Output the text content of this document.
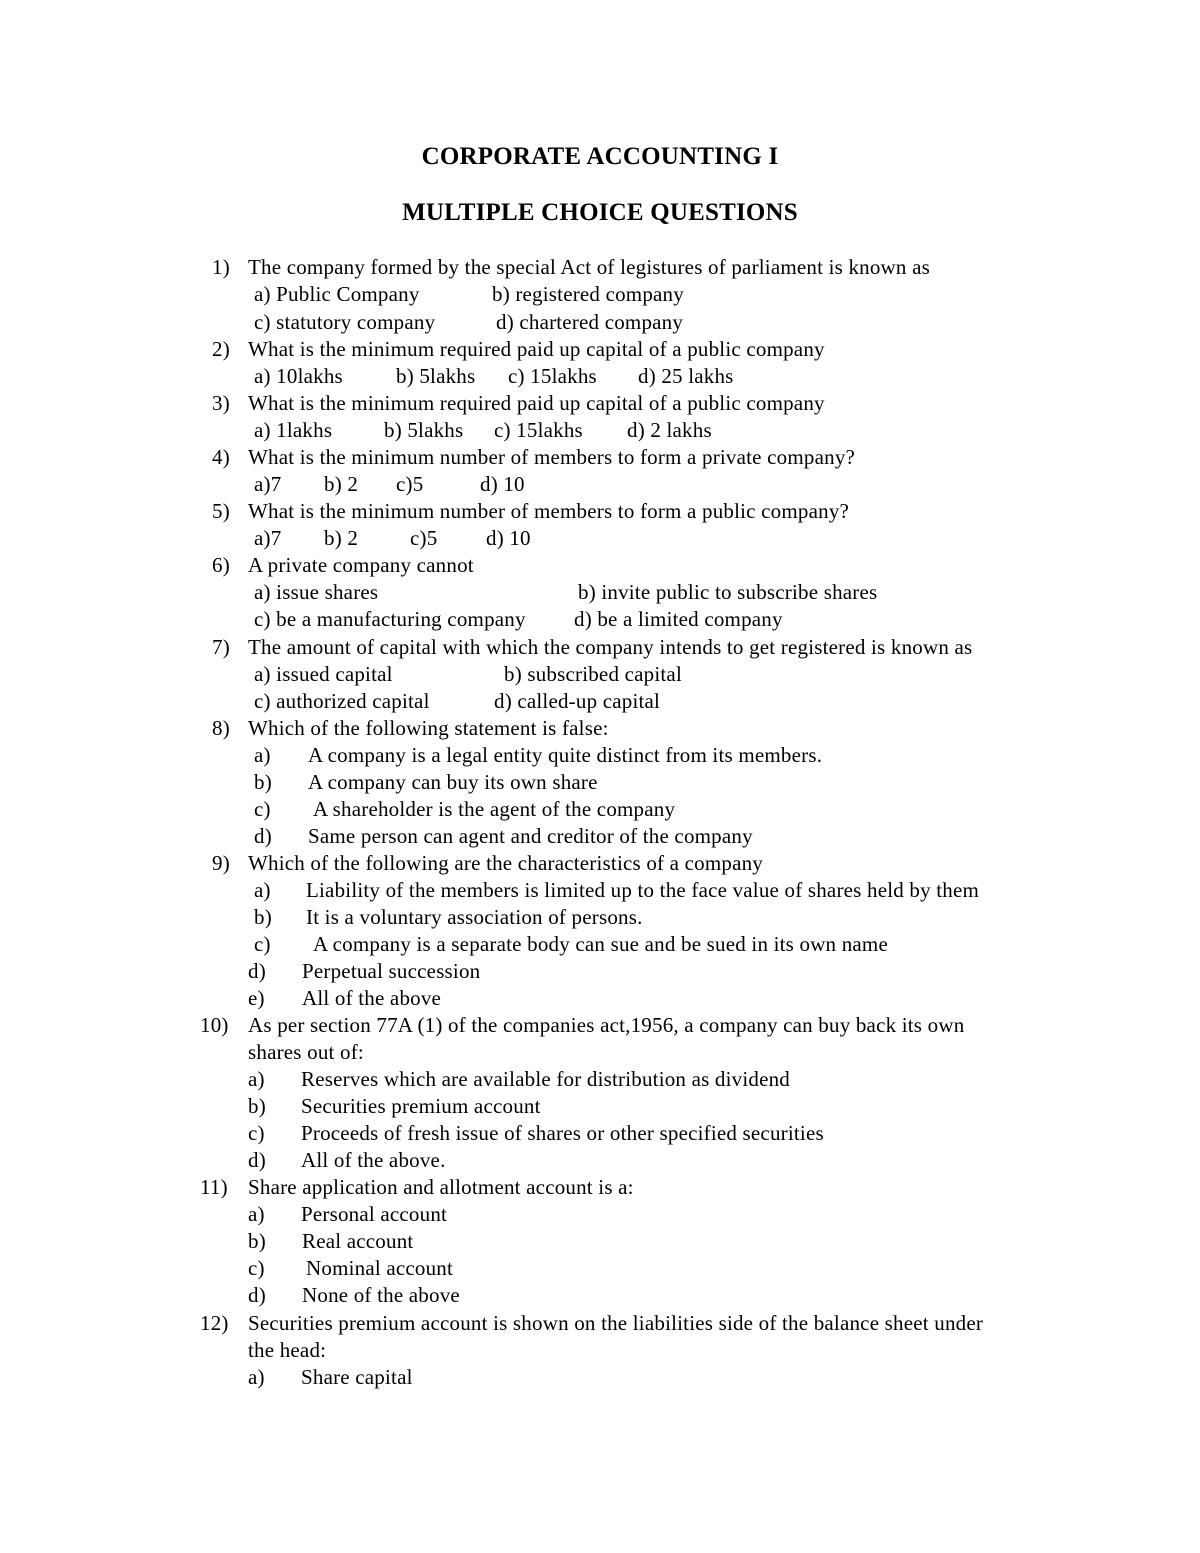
CORPORATE ACCOUNTING I
MULTIPLE CHOICE QUESTIONS
1) The company formed by the special Act of legistures of parliament is known as
a) Public Company	b) registered company
c) statutory company	d) chartered company
2) What is the minimum required paid up capital of a public company
a) 10lakhs	b) 5lakhs c) 15lakhs d) 25 lakhs
3) What is the minimum required paid up capital of a public company
a) 1lakhs b) 5lakhs c) 15lakhs d) 2 lakhs
4) What is the minimum number of members to form a private company?
a)7 b) 2 c)5	d) 10
5) What is the minimum number of members to form a public company?
a)7 b) 2 c)5 d) 10
6) A private company cannot
a) issue shares	b) invite public to subscribe shares
c) be a manufacturing company d) be a limited company
7) The amount of capital with which the company intends to get registered is known as
a) issued capital	b) subscribed capital
c) authorized capital	d) called-up capital
8) Which of the following statement is false:
a) A company is a legal entity quite distinct from its members.
b) A company can buy its own share
c) A shareholder is the agent of the company
d) Same person can agent and creditor of the company
9) Which of the following are the characteristics of a company
a) Liability of the members is limited up to the face value of shares held by them
b) It is a voluntary association of persons.
c) A company is a separate body can sue and be sued in its own name
d) Perpetual succession
e) All of the above
10) As per section 77A (1) of the companies act,1956, a company can buy back its own
shares out of:
a) Reserves which are available for distribution as dividend
b) Securities premium account
c) Proceeds of fresh issue of shares or other specified securities
d) All of the above.
11) Share application and allotment account is a:
a) Personal account
b) Real account
c) Nominal account
d) None of the above
12) Securities premium account is shown on the liabilities side of the balance sheet under
the head:
a) Share capital
